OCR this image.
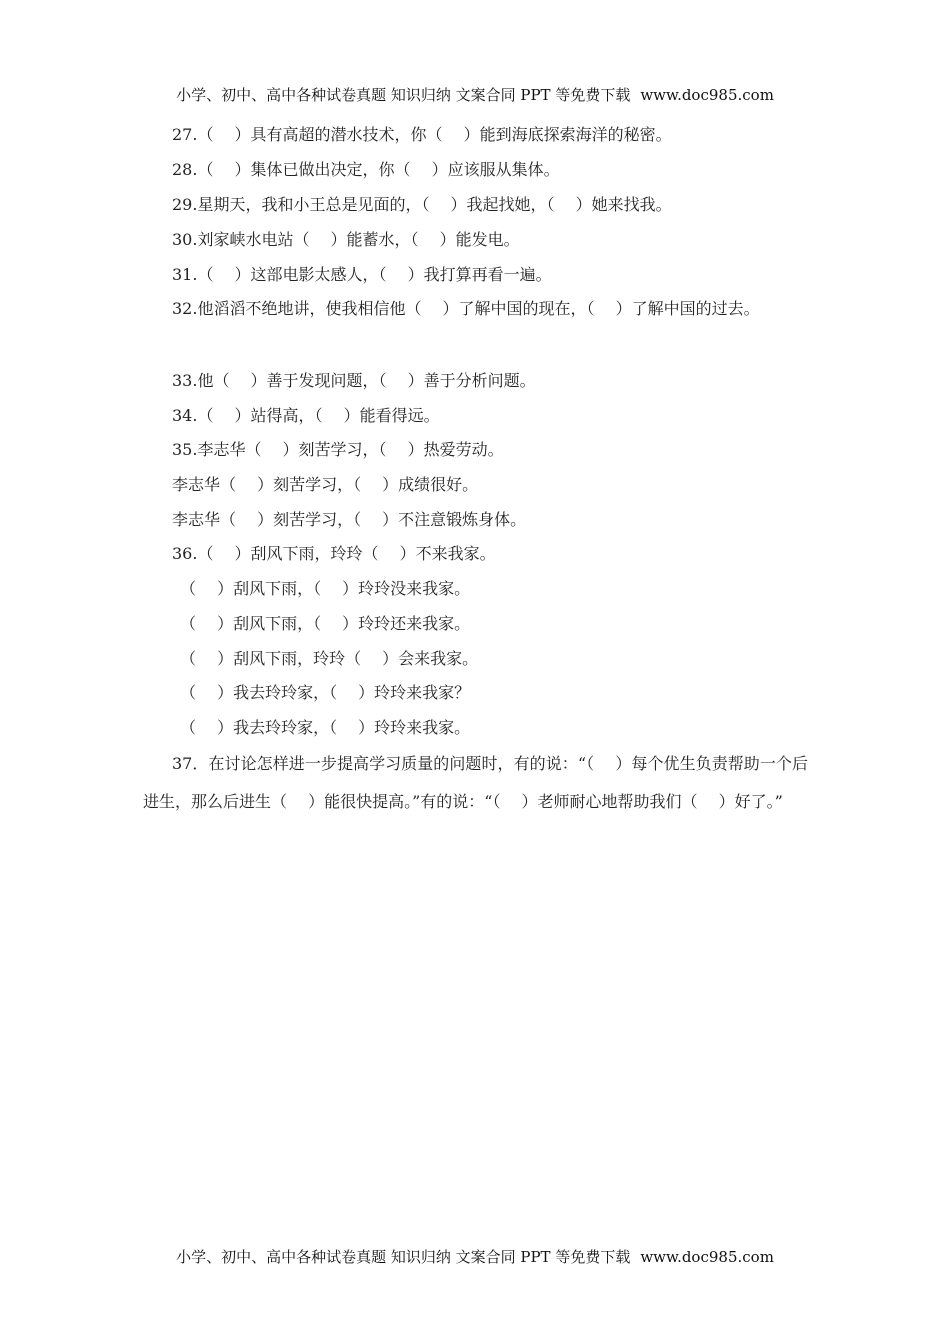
小学、初中、高中各种试卷真题 知识归纳 文案合同 PPT 等免费下载 www.doc985.com
27.（　 ）具有高超的潜水技术，你（　 ）能到海底探索海洋的秘密。
28.（　 ）集体已做出决定，你（　 ）应该服从集体。
29.星期天，我和小王总是见面的，（　 ）我起找她，（　 ）她来找我。
30.刘家峡水电站（　 ）能蓄水，（　 ）能发电。
31.（　 ）这部电影太感人，（　 ）我打算再看一遍。
32.他滔滔不绝地讲，使我相信他（　 ）了解中国的现在，（　 ）了解中国的过去。
33.他（　 ）善于发现问题，（　 ）善于分析问题。
34.（　 ）站得高，（　 ）能看得远。
35.李志华（　 ）刻苦学习，（　 ）热爱劳动。
李志华（　 ）刻苦学习，（　 ）成绩很好。
李志华（　 ）刻苦学习，（　 ）不注意锻炼身体。
36.（　 ）刮风下雨，玲玲（　 ）不来我家。
（　 ）刮风下雨，（　 ）玲玲没来我家。
（　 ）刮风下雨，（　 ）玲玲还来我家。
（　 ）刮风下雨，玲玲（　 ）会来我家。
（　 ）我去玲玲家，（　 ）玲玲来我家？
（　 ）我去玲玲家，（　 ）玲玲来我家。
37．在讨论怎样进一步提高学习质量的问题时，有的说：“（　 ）每个优生负责帮助一个后进生，那么后进生（　 ）能很快提高。”有的说：“（　 ）老师耐心地帮助我们（　 ）好了。”
小学、初中、高中各种试卷真题 知识归纳 文案合同 PPT 等免费下载 www.doc985.com
